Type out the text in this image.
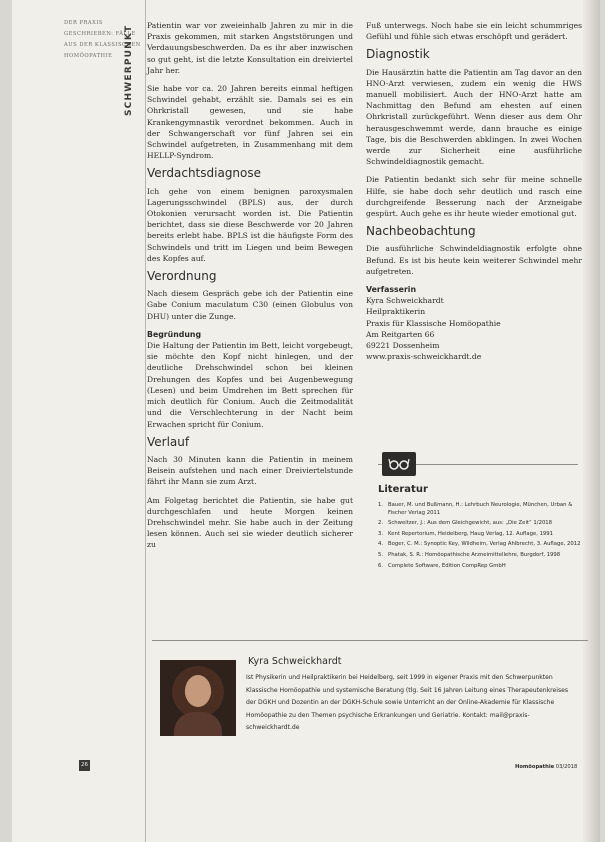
DER PRAXIS
GESCHRIEBEN: FÄLLE
AUS DER KLASSISCHEN
HOMÖOPATHIE SCHWERPUNKT Patientin war vor zweieinhalb Jahren zu mir in die Praxis gekommen, mit starken Angststörungen und Verdauungsbeschwerden. Da es ihr aber inzwischen so gut geht, ist die letzte Konsultation ein dreiviertel Jahr her.

Sie habe vor ca. 20 Jahren bereits einmal heftigen Schwindel gehabt, erzählt sie. Damals sei es ein Ohrkristall gewesen, und sie habe Krankengymnastik verordnet bekommen. Auch in der Schwangerschaft vor fünf Jahren sei ein Schwindel aufgetreten, in Zusammenhang mit dem HELLP-Syndrom.

Verdachtsdiagnose

Ich gehe von einem benignen paroxysmalen Lagerungsschwindel (BPLS) aus, der durch Otokonien verursacht worden ist. Die Patientin berichtet, dass sie diese Beschwerde vor 20 Jahren bereits erlebt habe. BPLS ist die häufigste Form des Schwindels und tritt im Liegen und beim Bewegen des Kopfes auf.

Verordnung

Nach diesem Gespräch gebe ich der Patientin eine Gabe Conium maculatum C30 (einen Globulus von DHU) unter die Zunge.

Begründung

Die Haltung der Patientin im Bett, leicht vorgebeugt, sie möchte den Kopf nicht hinlegen, und der deutliche Drehschwindel schon bei kleinen Drehungen des Kopfes und bei Augenbewegung (Lesen) und beim Umdrehen im Bett sprechen für mich deutlich für Conium. Auch die Zeitmodalität und die Verschlechterung in der Nacht beim Erwachen spricht für Conium.

Verlauf

Nach 30 Minuten kann die Patientin in meinem Beisein aufstehen und nach einer Dreiviertelstunde fährt ihr Mann sie zum Arzt.

Am Folgetag berichtet die Patientin, sie habe gut durchgeschlafen und heute Morgen keinen Drehschwindel mehr. Sie habe auch in der Zeitung lesen können. Auch sei sie wieder deutlich sicherer zu

Fuß unterwegs. Noch habe sie ein leicht schummriges Gefühl und fühle sich etwas erschöpft und gerädert.

Diagnostik

Die Hausärztin hatte die Patientin am Tag davor an den HNO-Arzt verwiesen, zudem ein wenig die HWS manuell mobilisiert. Auch der HNO-Arzt hatte am Nachmittag den Befund am ehesten auf einen Ohrkristall zurückgeführt. Wenn dieser aus dem Ohr herausgeschwemmt werde, dann brauche es einige Tage, bis die Beschwerden abklingen. In zwei Wochen werde zur Sicherheit eine ausführliche Schwindeldiagnostik gemacht.

Die Patientin bedankt sich sehr für meine schnelle Hilfe, sie habe doch sehr deutlich und rasch eine durchgreifende Besserung nach der Arzneigabe gespürt. Auch gehe es ihr heute wieder emotional gut.

Nachbeobachtung

Die ausführliche Schwindeldiagnostik erfolgte ohne Befund. Es ist bis heute kein weiterer Schwindel mehr aufgetreten.

Verfasserin
Kyra Schweickhardt
Heilpraktikerin
Praxis für Klassische Homöopathie
Am Reitgarten 66
69221 Dossenheim
www.praxis-schweickhardt.de
Literatur
1. Bauer, M. und Bußmann, H.: Lehrbuch Neurologie, München, Urban & Fischer Verlag 2011
2. Schweitzer, J.: Aus dem Gleichgewicht, aus: „Die Zeit“ 1/2018
3. Kent Repertorium, Heidelberg, Haug Verlag, 12. Auflage, 1991
4. Boger, C. M.: Synoptic Key, Wildheim, Verlag Ahlbrecht, 3. Auflage, 2012
5. Phatak, S. R.: Homöopathische Arzneimittellehre, Burgdorf, 1998
6. Complete Software, Edition CompRep GmbH
Kyra Schweickhardt

Ist Physikerin und Heilpraktikerin bei Heidelberg, seit 1999 in eigener Praxis mit den Schwerpunkten Klassische Homöopathie und systemische Beratung (tlg. Seit 16 Jahren Leitung eines Therapeutenkreises der DGKH und Dozentin an der DGKH-Schule sowie Unterricht an der Online-Akademie für Klassische Homöopathie zu den Themen psychische Erkrankungen und Geriatrie. Kontakt: mail@praxis-schweickhardt.de

26	Homöopathie 03/2018
